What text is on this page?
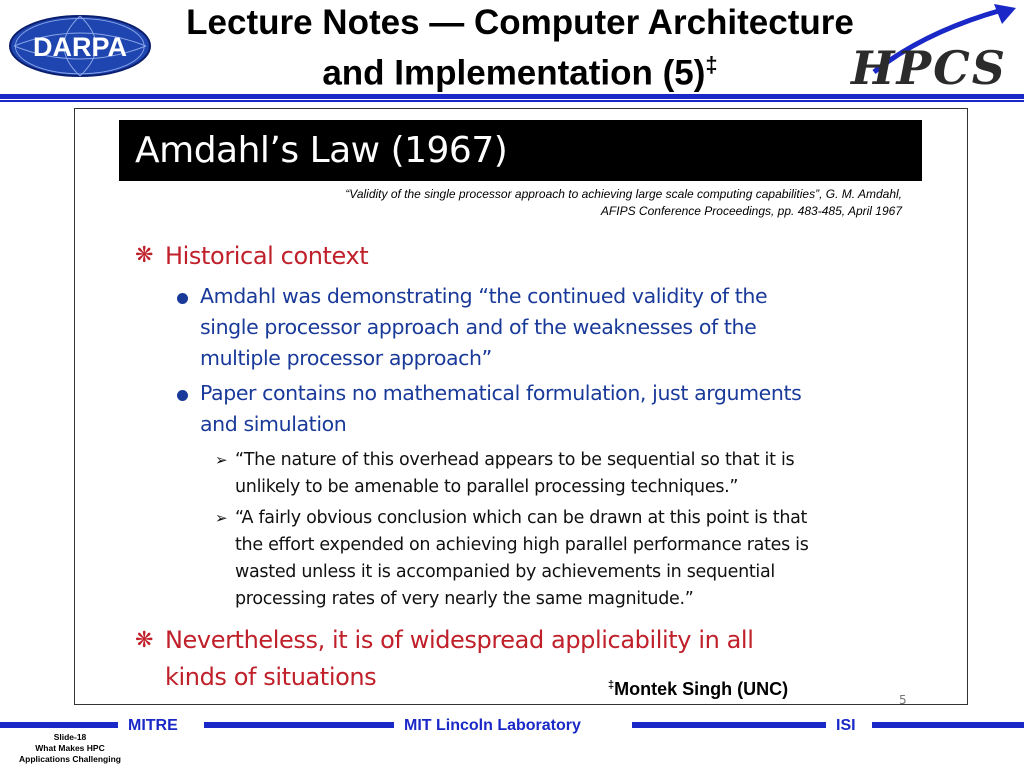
Lecture Notes — Computer Architecture
and Implementation (5)‡
DARPA	HPCS
Amdahl’s Law (1967)
“Validity of the single processor approach to achieving large scale computing capabilities”, G. M. Amdahl,
AFIPS Conference Proceedings, pp. 483-485, April 1967
❋ Historical context
Amdahl was demonstrating “the continued validity of the
single processor approach and of the weaknesses of the
multiple processor approach”
Paper contains no mathematical formulation, just arguments
and simulation
➢ “The nature of this overhead appears to be sequential so that it is
unlikely to be amenable to parallel processing techniques.”
➢ “A fairly obvious conclusion which can be drawn at this point is that
the effort expended on achieving high parallel performance rates is
wasted unless it is accompanied by achievements in sequential
processing rates of very nearly the same magnitude.”
❋ Nevertheless, it is of widespread applicability in all
kinds of situations	‡Montek Singh (UNC)
5
MITRE	MIT Lincoln Laboratory	ISI
Slide-18
What Makes HPC
Applications Challenging
